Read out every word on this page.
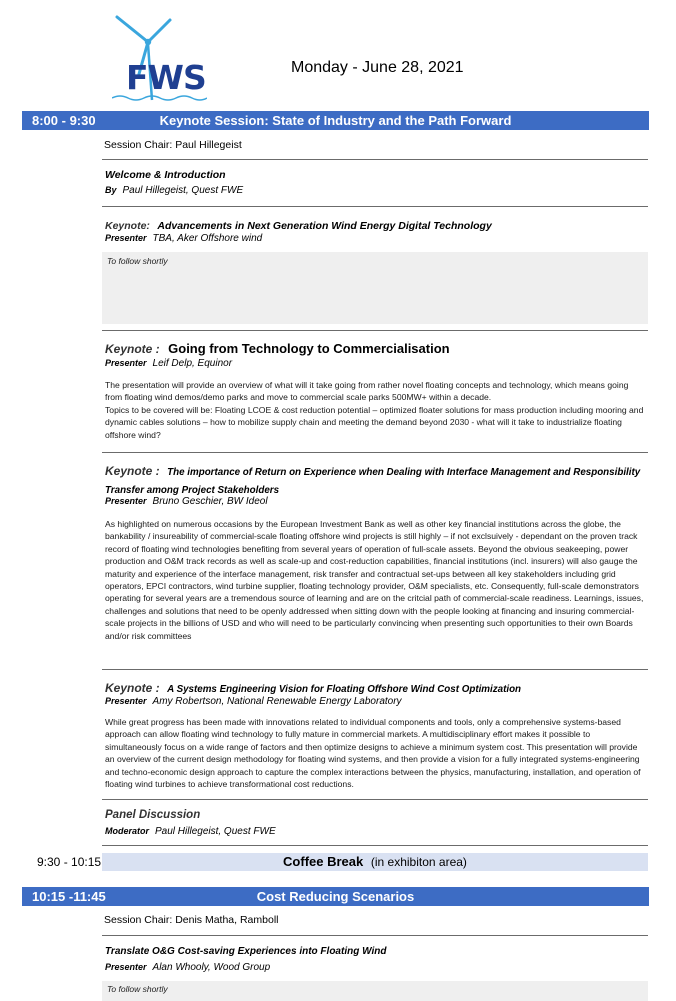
FWS	Monday - June 28, 2021
8:00 - 9:30	Keynote Session: State of Industry and the Path Forward
Session Chair: Paul Hillegeist
Welcome & Introduction
By Paul Hillegeist, Quest FWE
Keynote: Advancements in Next Generation Wind Energy Digital Technology
Presenter TBA, Aker Offshore wind
To follow shortly
Keynote : Going from Technology to Commercialisation
Presenter Leif Delp, Equinor
The presentation will provide an overview of what will it take going from rather novel floating concepts and technology, which means going from floating wind demos/demo parks and move to commercial scale parks 500MW+ within a decade.
Topics to be covered will be: Floating LCOE & cost reduction potential – optimized floater solutions for mass production including mooring and dynamic cables solutions – how to mobilize supply chain and meeting the demand beyond 2030 - what will it take to industrialize floating offshore wind?
Keynote : The importance of Return on Experience when Dealing with Interface Management and Responsibility Transfer among Project Stakeholders
Presenter Bruno Geschier, BW Ideol
As highlighted on numerous occasions by the European Investment Bank as well as other key financial institutions across the globe, the bankability / insureability of commercial-scale floating offshore wind projects is still highly – if not exclsuively - dependant on the proven track record of floating wind technologies benefiting from several years of operation of full-scale assets. Beyond the obvious seakeeping, power production and O&M track records as well as scale-up and cost-reduction capabilities, financial institutions (incl. insurers) will also gauge the maturity and experience of the interface management, risk transfer and contractual set-ups between all key stakeholders including grid operators, EPCI contractors, wind turbine supplier, floating technology provider, O&M specialists, etc. Consequently, full-scale demonstrators operating for several years are a tremendous source of learning and are on the critcial path of commercial-scale readiness. Learnings, issues, challenges and solutions that need to be openly addressed when sitting down with the people looking at financing and insuring commercial-scale projects in the billions of USD and who will need to be particularly convincing when presenting such opportunities to their own Boards and/or risk committees
Keynote : A Systems Engineering Vision for Floating Offshore Wind Cost Optimization
Presenter Amy Robertson, National Renewable Energy Laboratory
While great progress has been made with innovations related to individual components and tools, only a comprehensive systems-based approach can allow floating wind technology to fully mature in commercial markets. A multidisciplinary effort makes it possible to simultaneously focus on a wide range of factors and then optimize designs to achieve a minimum system cost. This presentation will provide an overview of the current design methodology for floating wind systems, and then provide a vision for a fully integrated systems-engineering and techno-economic design approach to capture the complex interactions between the physics, manufacturing, installation, and operation of floating wind turbines to achieve transformational cost reductions.
Panel Discussion
Moderator Paul Hillegeist, Quest FWE
9:30 - 10:15	Coffee Break (in exhibiton area)
10:15 -11:45	Cost Reducing Scenarios
Session Chair: Denis Matha, Ramboll
Translate O&G Cost-saving Experiences into Floating Wind
Presenter Alan Whooly, Wood Group
To follow shortly
